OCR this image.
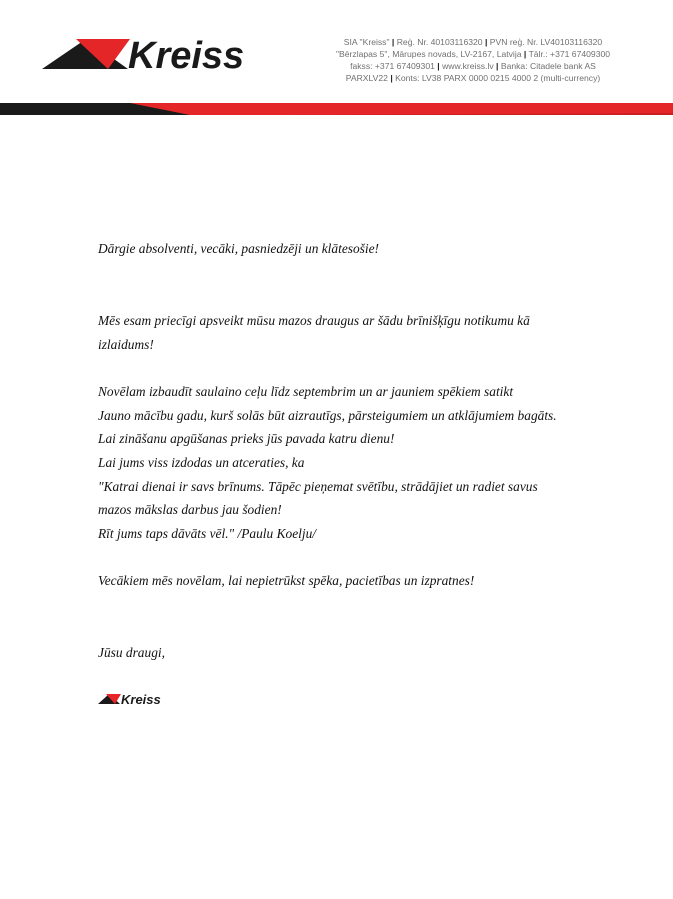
Kreiss	SIA "Kreiss" | Reģ. Nr. 40103116320 | PVN reģ. Nr. LV40103116320
"Bērzlapas 5", Mārupes novads, LV-2167, Latvija | Tālr.: +371 67409300
fakss: +371 67409301 | www.kreiss.lv | Banka: Citadele bank AS
PARXLV22 | Konts: LV38 PARX 0000 0215 4000 2 (multi-currency)

Dārgie absolventi, vecāki, pasniedzēji un klātesošie!

Mēs esam priecīgi apsveikt mūsu mazos draugus ar šādu brīnišķīgu notikumu kā

izlaidums!

Novēlam izbaudīt saulaino ceļu līdz septembrim un ar jauniem spēkiem satikt

Jauno mācību gadu, kurš solās būt aizrautīgs, pārsteigumiem un atklājumiem bagāts.

Lai zināšanu apgūšanas prieks jūs pavada katru dienu!

Lai jums viss izdodas un atceraties, ka

"Katrai dienai ir savs brīnums. Tāpēc pieņemat svētību, strādājiet un radiet savus

mazos mākslas darbus jau šodien!

Rīt jums taps dāvāts vēl." /Paulu Koelju/

Vecākiem mēs novēlam, lai nepietrūkst spēka, pacietības un izpratnes!

Jūsu draugi,

Kreiss
